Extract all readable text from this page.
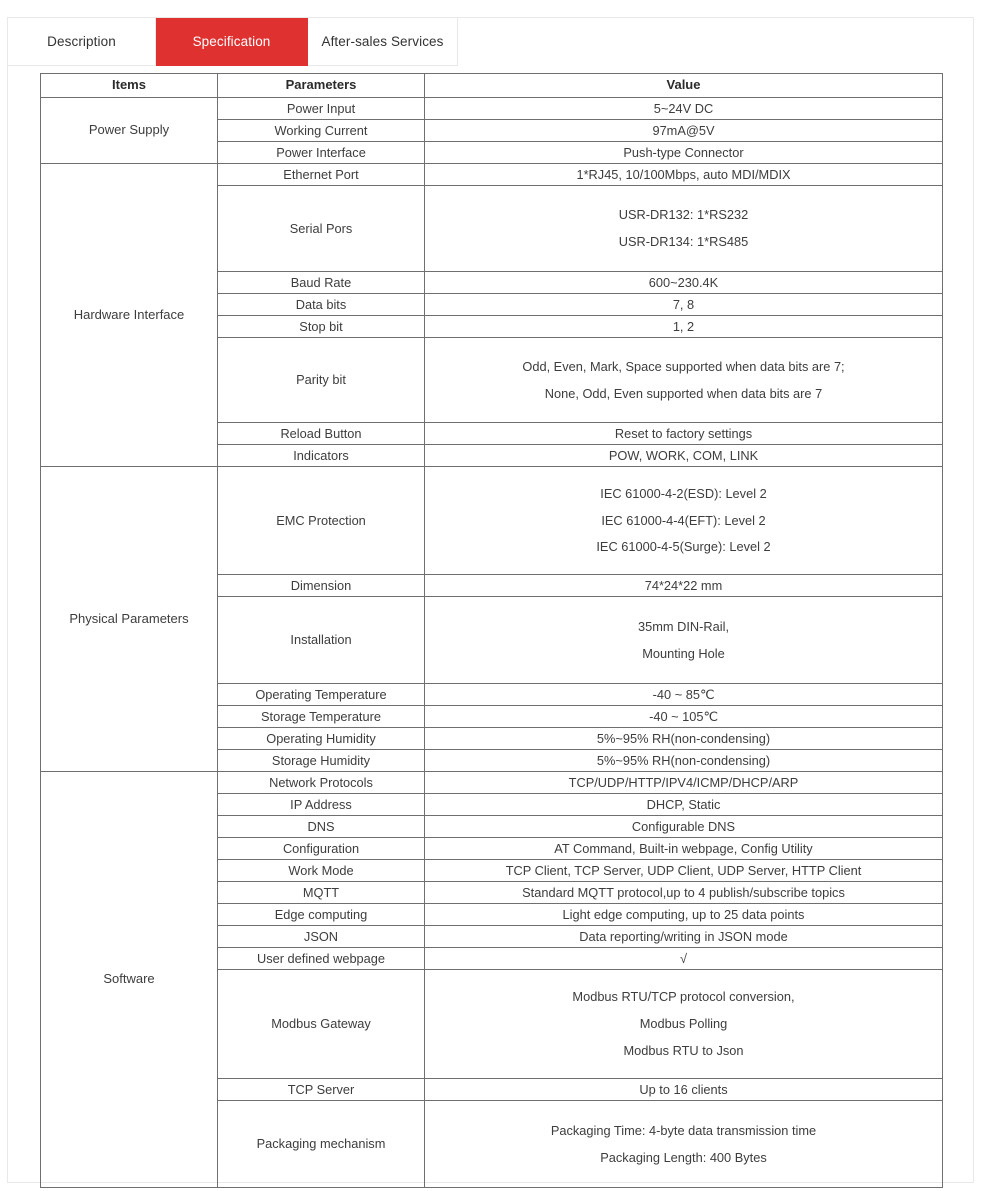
Description	Specification	After-sales Services
Items	Parameters	Value
Power Supply	Power Input	5~24V DC
	Working Current	97mA@5V
	Power Interface	Push-type Connector
Hardware Interface	Ethernet Port	1*RJ45, 10/100Mbps, auto MDI/MDIX
	Serial Pors	USR-DR132: 1*RS232
USR-DR134: 1*RS485

	Baud Rate	600~230.4K
	Data bits	7, 8
	Stop bit	1, 2
	Parity bit	Odd, Even, Mark, Space supported when data bits are 7;
None, Odd, Even supported when data bits are 7

	Reload Button	Reset to factory settings
	Indicators	POW, WORK, COM, LINK
Physical Parameters	EMC Protection	IEC 61000-4-2(ESD): Level 2
IEC 61000-4-4(EFT): Level 2
IEC 61000-4-5(Surge): Level 2

	Dimension	74*24*22 mm
	Installation	35mm DIN-Rail,
Mounting Hole

	Operating Temperature	-40 ~ 85℃
	Storage Temperature	-40 ~ 105℃
	Operating Humidity	5%~95% RH(non-condensing)
	Storage Humidity	5%~95% RH(non-condensing)
Software	Network Protocols	TCP/UDP/HTTP/IPV4/ICMP/DHCP/ARP
	IP Address	DHCP, Static
	DNS	Configurable DNS
	Configuration	AT Command, Built-in webpage, Config Utility
	Work Mode	TCP Client, TCP Server, UDP Client, UDP Server, HTTP Client
	MQTT	Standard MQTT protocol,up to 4 publish/subscribe topics
	Edge computing	Light edge computing, up to 25 data points
	JSON	Data reporting/writing in JSON mode
	User defined webpage	√
	Modbus Gateway	Modbus RTU/TCP protocol conversion,
Modbus Polling
Modbus RTU to Json

	TCP Server	Up to 16 clients
	Packaging mechanism	Packaging Time: 4-byte data transmission time
Packaging Length: 400 Bytes
